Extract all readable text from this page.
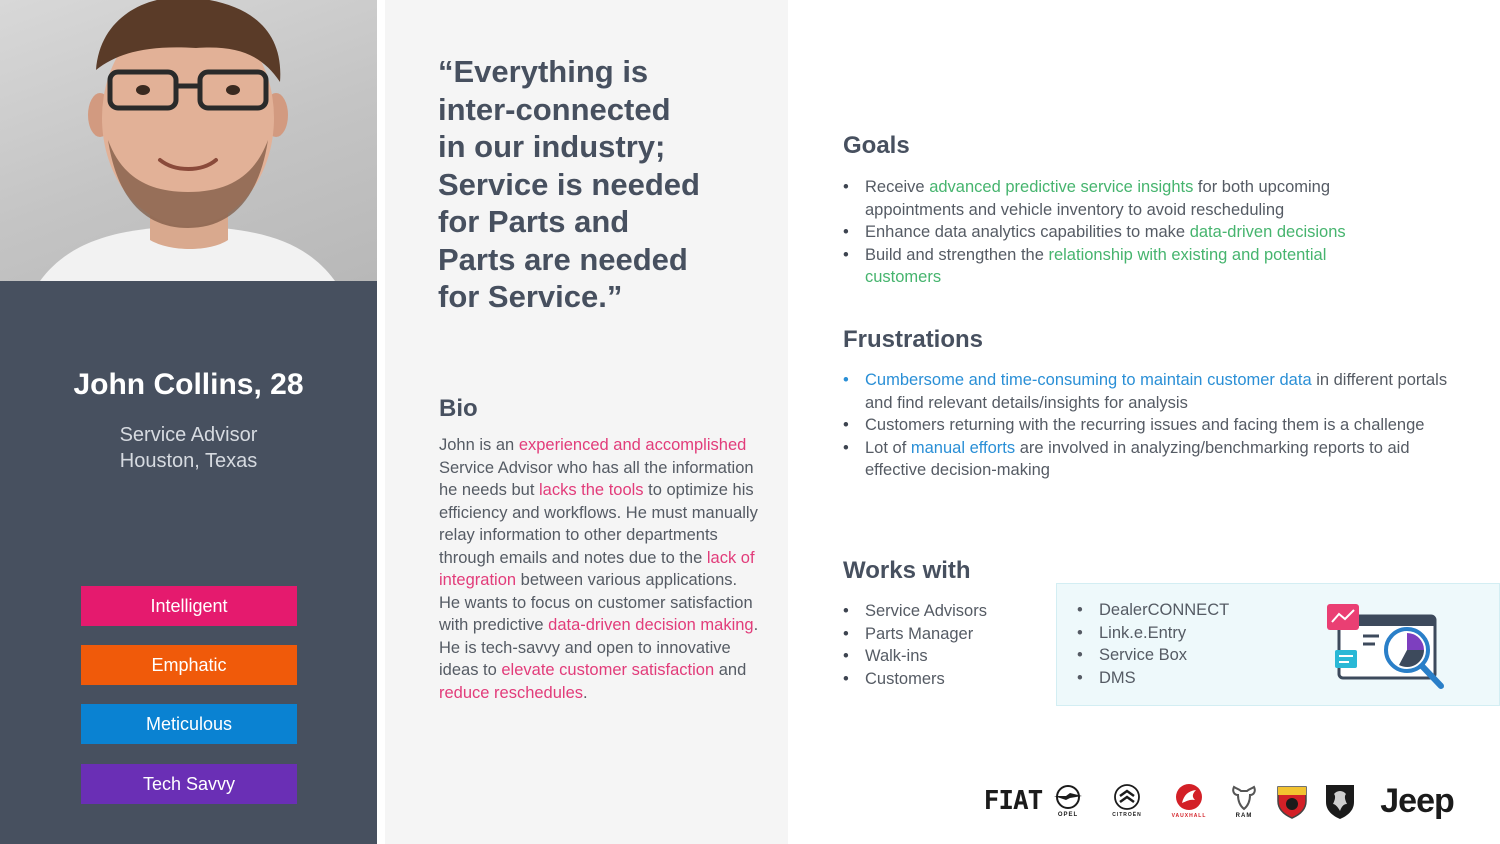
John Collins, 28
Service Advisor
Houston, Texas
Intelligent
Emphatic
Meticulous
Tech Savvy
“Everything is
inter-connected
in our industry;
Service is needed
for Parts and
Parts are needed
for Service.”
Bio
John is an experienced and accomplished Service Advisor who has all the information he needs but lacks the tools to optimize his efficiency and workflows. He must manually relay information to other departments through emails and notes due to the lack of integration between various applications. He wants to focus on customer satisfaction with predictive data-driven decision making. He is tech-savvy and open to innovative ideas to elevate customer satisfaction and reduce reschedules.
Goals
• Receive advanced predictive service insights for both upcoming appointments and vehicle inventory to avoid rescheduling
• Enhance data analytics capabilities to make data-driven decisions
• Build and strengthen the relationship with existing and potential customers
Frustrations
• Cumbersome and time-consuming to maintain customer data in different portals and find relevant details/insights for analysis
• Customers returning with the recurring issues and facing them is a challenge
• Lot of manual efforts are involved in analyzing/benchmarking reports to aid effective decision-making
Works with
• Service Advisors
• Parts Manager
• Walk-ins
• Customers
• DealerCONNECT
• Link.e.Entry
• Service Box
• DMS
FIAT	OPEL	CITROËN	VAUXHALL	RAM	Jeep
